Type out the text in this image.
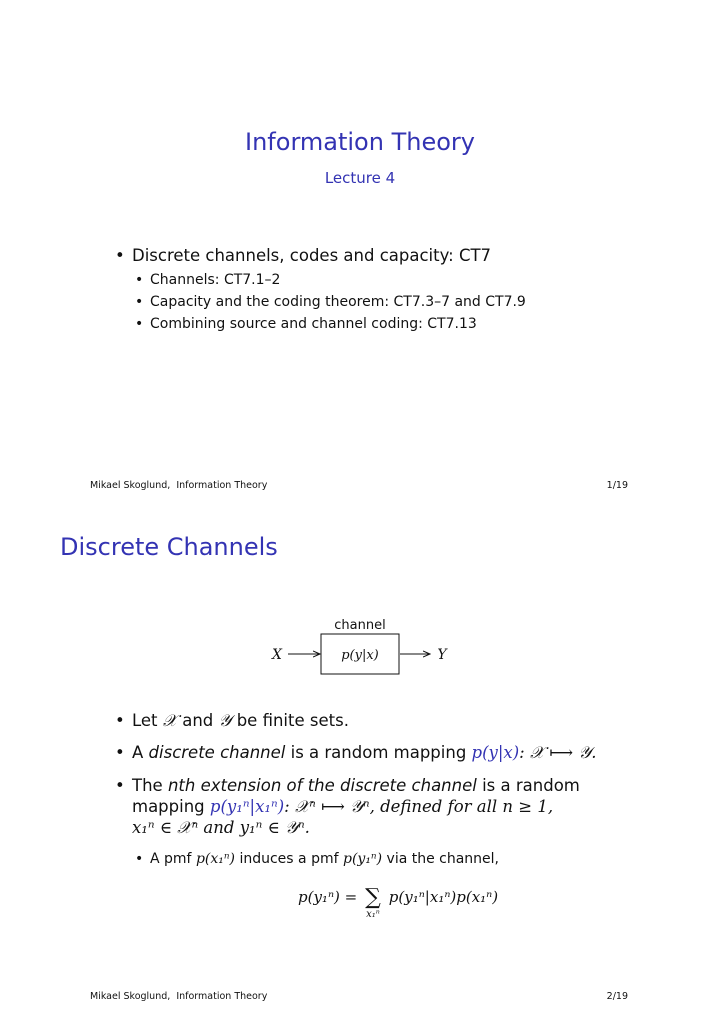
Information Theory
Lecture 4
• Discrete channels, codes and capacity: CT7
• Channels: CT7.1–2
• Capacity and the coding theorem: CT7.3–7 and CT7.9
• Combining source and channel coding: CT7.13
Mikael Skoglund, Information Theory	1/19
Discrete Channels
channel
p(y|x)
X	Y
• Let 𝒳 and 𝒴 be finite sets.
• A discrete channel is a random mapping p(y|x): 𝒳 ⟼ 𝒴.
• The nth extension of the discrete channel is a random
mapping p(y₁ⁿ|x₁ⁿ): 𝒳ⁿ ⟼ 𝒴ⁿ, defined for all n ≥ 1,
x₁ⁿ ∈ 𝒳ⁿ and y₁ⁿ ∈ 𝒴ⁿ.
• A pmf p(x₁ⁿ) induces a pmf p(y₁ⁿ) via the channel,
p(y₁ⁿ) = ∑
x₁ⁿ
p(y₁ⁿ|x₁ⁿ)p(x₁ⁿ)
Mikael Skoglund, Information Theory	2/19
